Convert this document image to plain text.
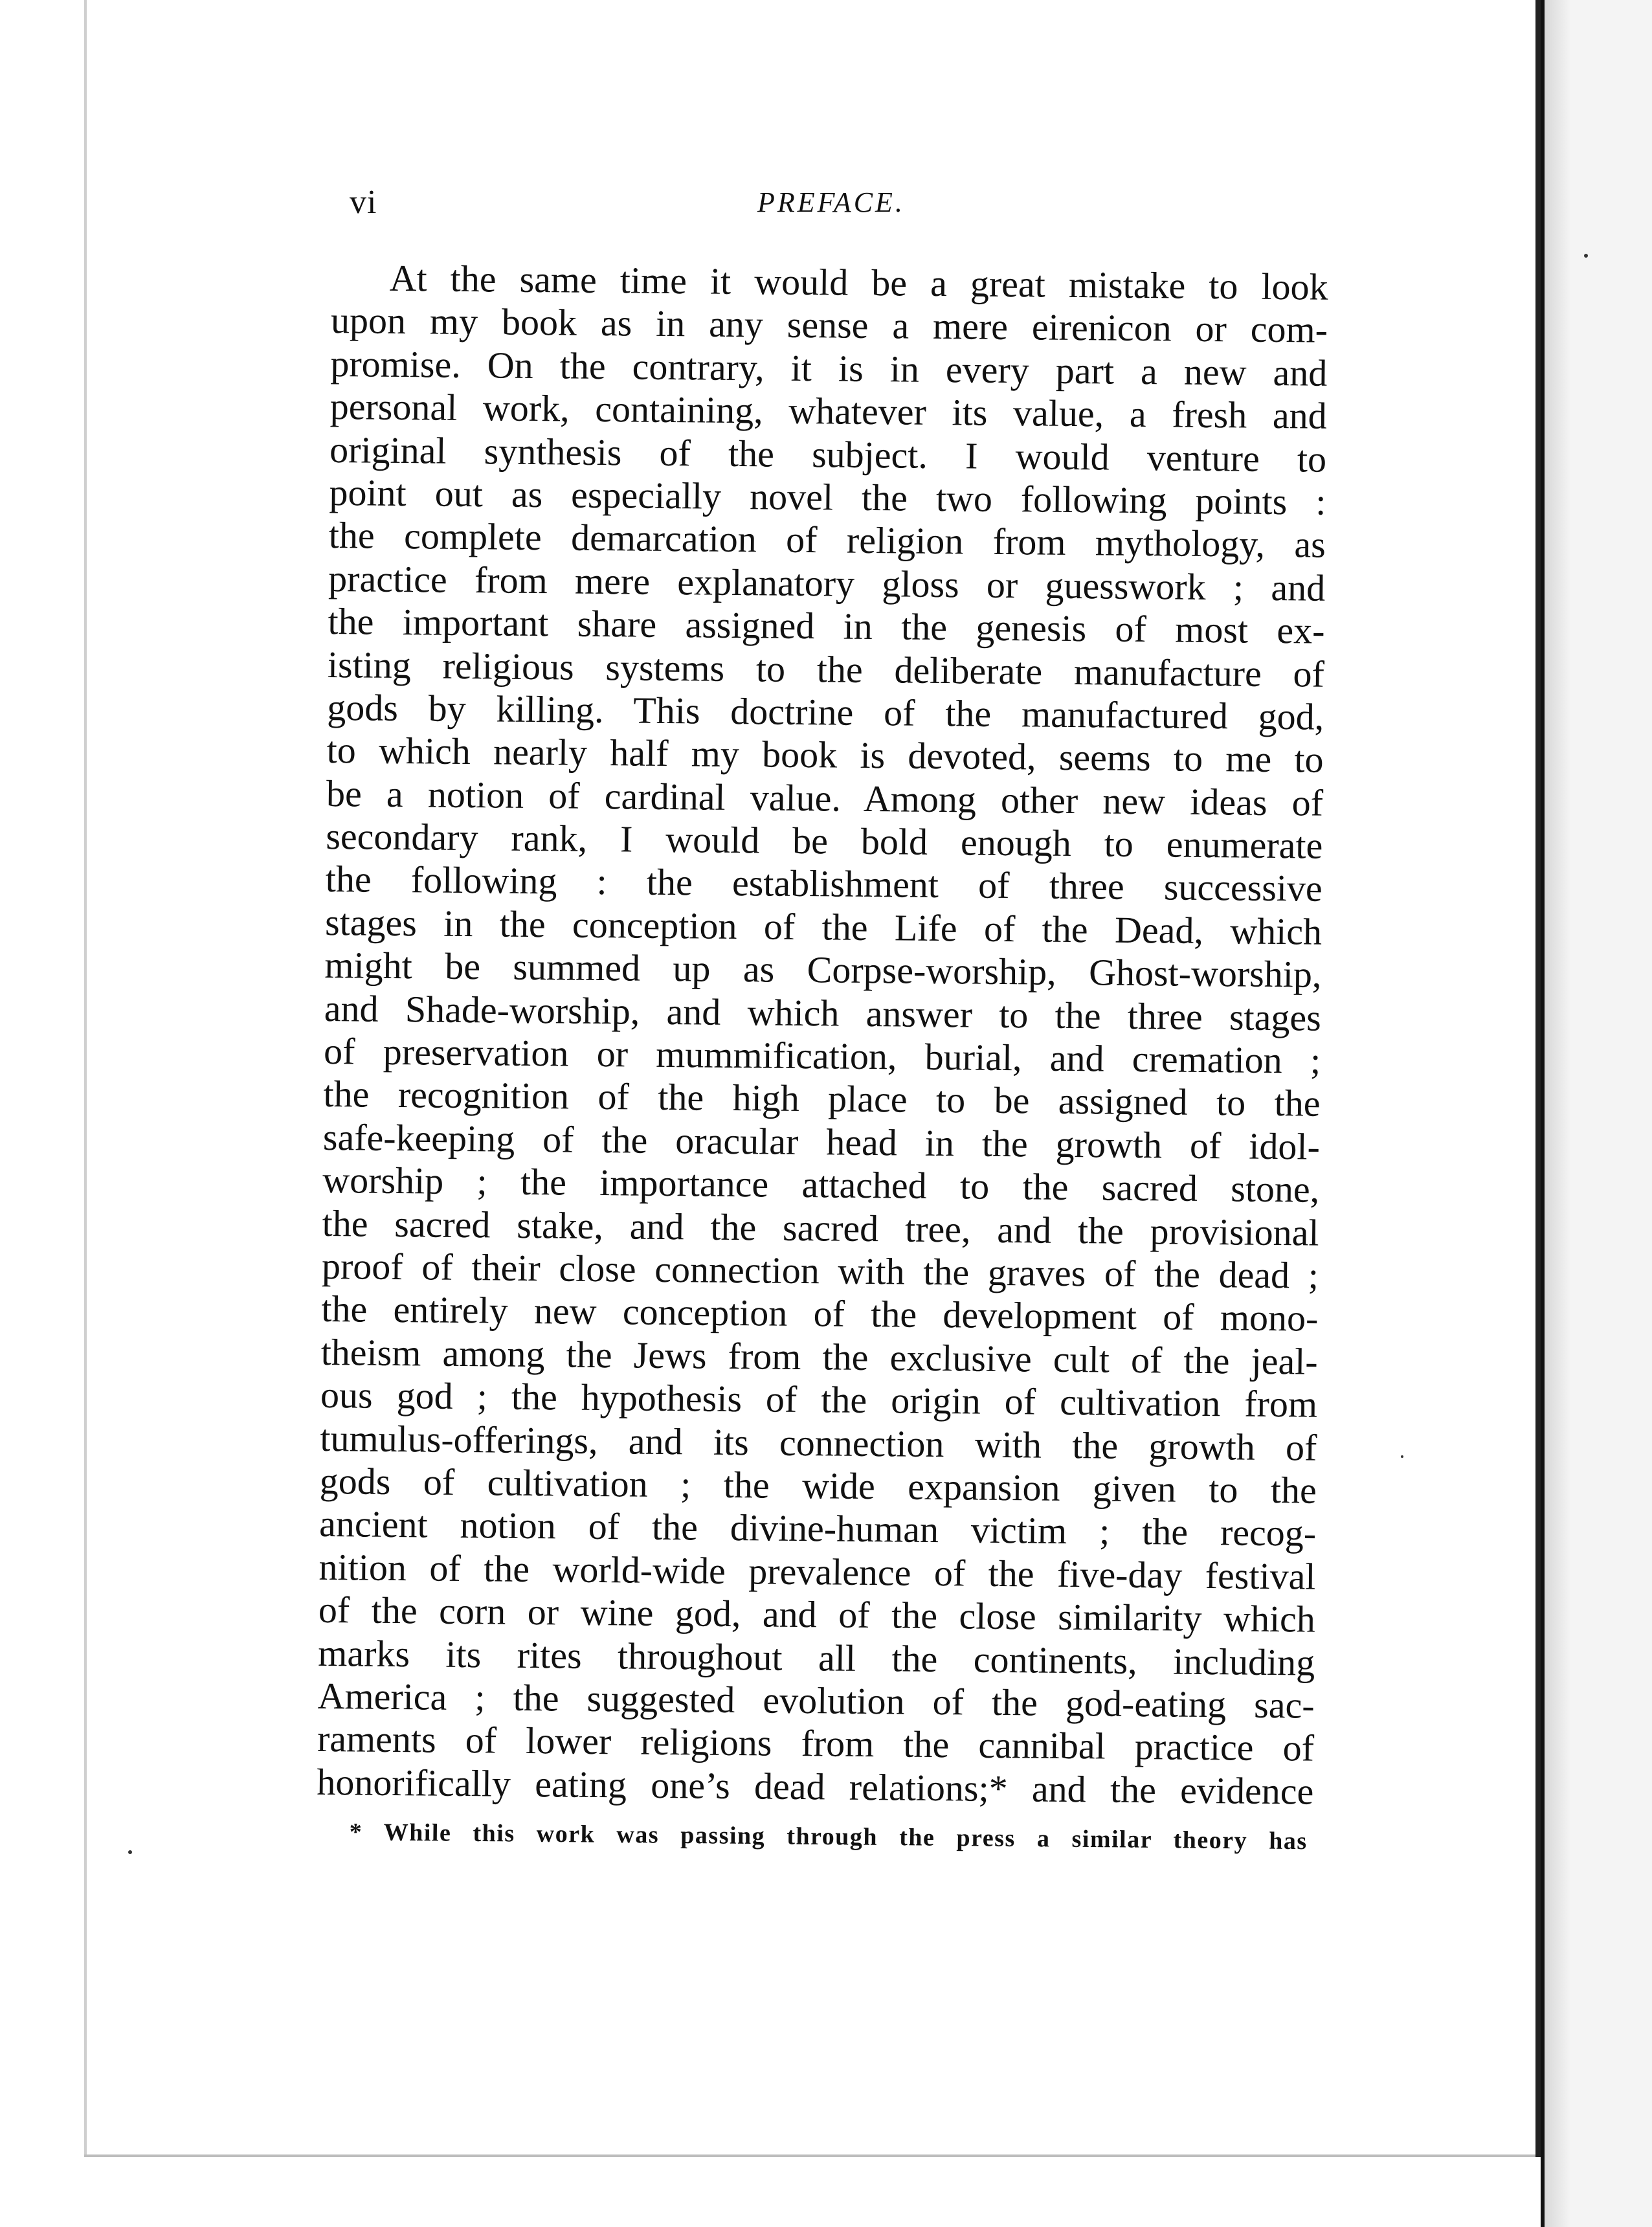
vi	PREFACE.
At the same time it would be a great mistake to look
upon my book as in any sense a mere eirenicon or com-
promise. On the contrary, it is in every part a new and
personal work, containing, whatever its value, a fresh and
original synthesis of the subject. I would venture to
point out as especially novel the two following points :
the complete demarcation of religion from mythology, as
practice from mere explanatory gloss or guesswork ; and
the important share assigned in the genesis of most ex-
isting religious systems to the deliberate manufacture of
gods by killing. This doctrine of the manufactured god,
to which nearly half my book is devoted, seems to me to
be a notion of cardinal value. Among other new ideas of
secondary rank, I would be bold enough to enumerate
the following : the establishment of three successive
stages in the conception of the Life of the Dead, which
might be summed up as Corpse-worship, Ghost-worship,
and Shade-worship, and which answer to the three stages
of preservation or mummification, burial, and cremation ;
the recognition of the high place to be assigned to the
safe-keeping of the oracular head in the growth of idol-
worship ; the importance attached to the sacred stone,
the sacred stake, and the sacred tree, and the provisional
proof of their close connection with the graves of the dead ;
the entirely new conception of the development of mono-
theism among the Jews from the exclusive cult of the jeal-
ous god ; the hypothesis of the origin of cultivation from
tumulus-offerings, and its connection with the growth of
gods of cultivation ; the wide expansion given to the
ancient notion of the divine-human victim ; the recog-
nition of the world-wide prevalence of the five-day festival
of the corn or wine god, and of the close similarity which
marks its rites throughout all the continents, including
America ; the suggested evolution of the god-eating sac-
raments of lower religions from the cannibal practice of
honorifically eating one’s dead relations;* and the evidence
* While this work was passing through the press a similar theory has
